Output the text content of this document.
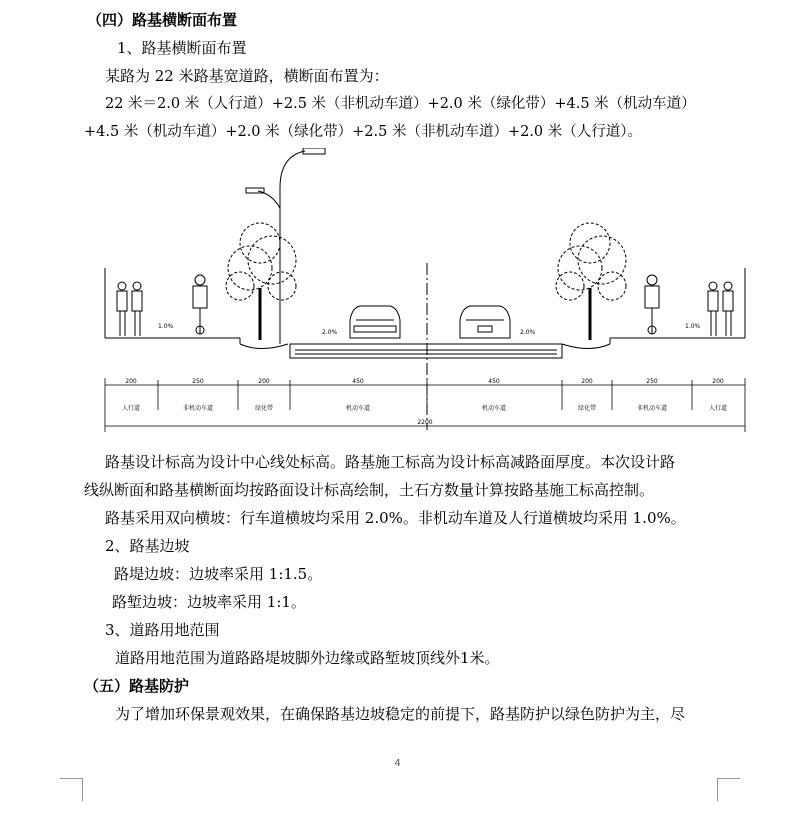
（四）路基横断面布置
1、路基横断面布置
某路为 22 米路基宽道路，横断面布置为：
22 米＝2.0 米（人行道）+2.5 米（非机动车道）+2.0 米（绿化带）+4.5 米（机动车道）
+4.5 米（机动车道）+2.0 米（绿化带）+2.5 米（非机动车道）+2.0 米（人行道）。
1.0%
2.0%	2.0%
1.0%
200	250	200	450	450	200	250	200
人行道	非机动车道	绿化带	机动车道	机动车道	绿化带	非机动车道	人行道
2200
路基设计标高为设计中心线处标高。路基施工标高为设计标高减路面厚度。本次设计路
线纵断面和路基横断面均按路面设计标高绘制，土石方数量计算按路基施工标高控制。
路基采用双向横坡：行车道横坡均采用 2.0%。非机动车道及人行道横坡均采用 1.0%。
2、路基边坡
路堤边坡：边坡率采用 1:1.5。
路堑边坡：边坡率采用 1:1。
3、道路用地范围
道路用地范围为道路路堤坡脚外边缘或路堑坡顶线外1米。
（五）路基防护
为了增加环保景观效果，在确保路基边坡稳定的前提下，路基防护以绿色防护为主，尽
4
